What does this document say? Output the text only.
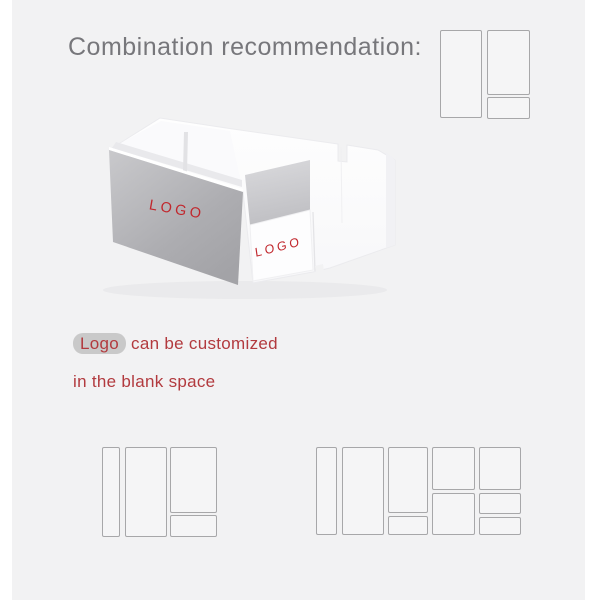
Combination recommendation:
LOGO
LOGO
Logo can be customized
in the blank space
